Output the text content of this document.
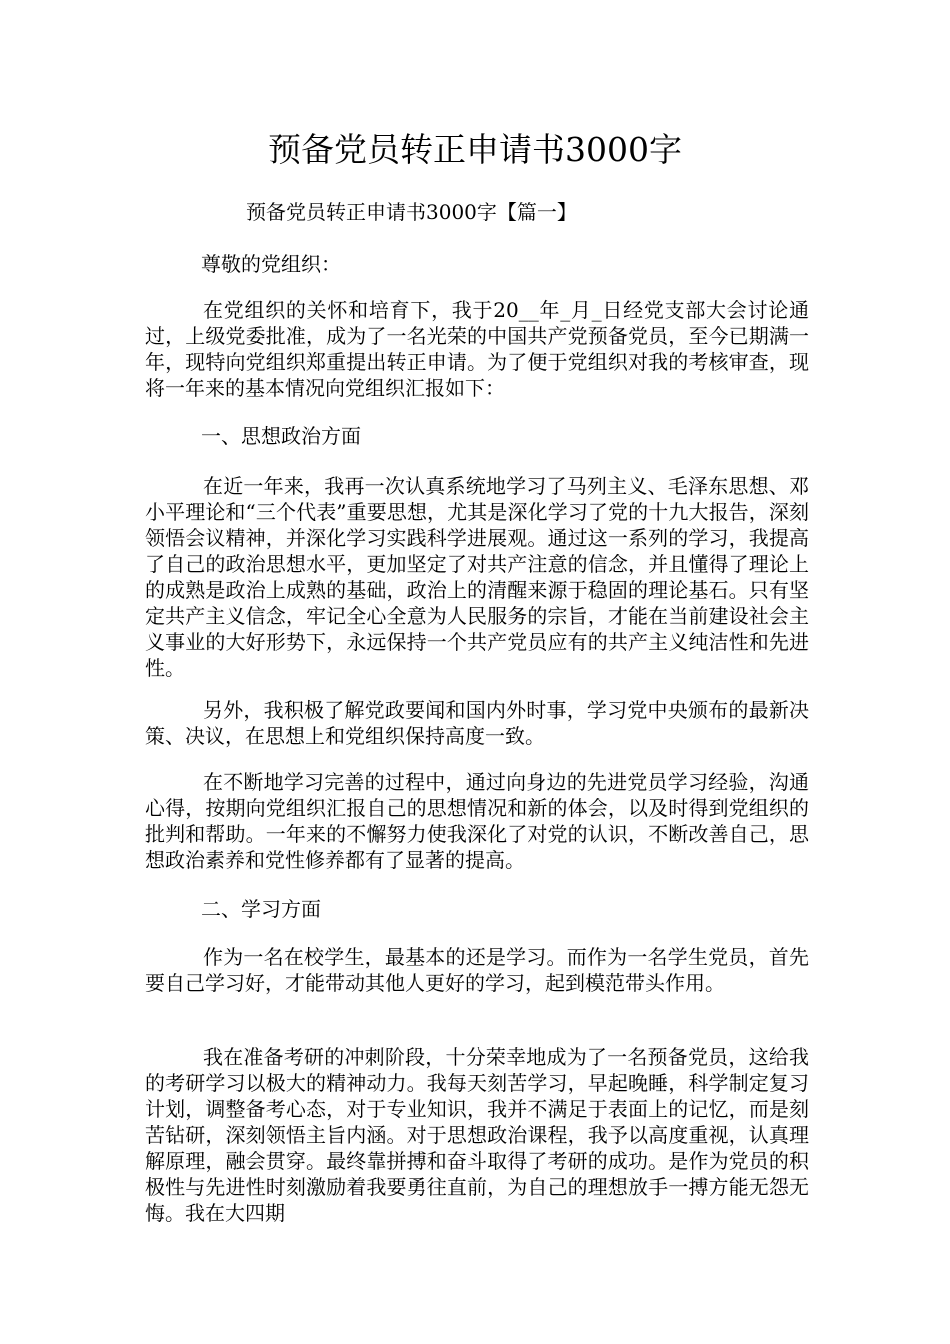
预备党员转正申请书3000字

预备党员转正申请书3000字【篇一】

尊敬的党组织：

在党组织的关怀和培育下，我于20__年_月_日经党支部大会讨论通过，上级党委批准，成为了一名光荣的中国共产党预备党员，至今已期满一年，现特向党组织郑重提出转正申请。为了便于党组织对我的考核审查，现将一年来的基本情况向党组织汇报如下：

一、思想政治方面

在近一年来，我再一次认真系统地学习了马列主义、毛泽东思想、邓小平理论和“三个代表”重要思想，尤其是深化学习了党的十九大报告，深刻领悟会议精神，并深化学习实践科学进展观。通过这一系列的学习，我提高了自己的政治思想水平，更加坚定了对共产注意的信念，并且懂得了理论上的成熟是政治上成熟的基础，政治上的清醒来源于稳固的理论基石。只有坚定共产主义信念，牢记全心全意为人民服务的宗旨，才能在当前建设社会主义事业的大好形势下，永远保持一个共产党员应有的共产主义纯洁性和先进性。

另外，我积极了解党政要闻和国内外时事，学习党中央颁布的最新决策、决议，在思想上和党组织保持高度一致。

在不断地学习完善的过程中，通过向身边的先进党员学习经验，沟通心得，按期向党组织汇报自己的思想情况和新的体会，以及时得到党组织的批判和帮助。一年来的不懈努力使我深化了对党的认识，不断改善自己，思想政治素养和党性修养都有了显著的提高。

二、学习方面

作为一名在校学生，最基本的还是学习。而作为一名学生党员，首先要自己学习好，才能带动其他人更好的学习，起到模范带头作用。

我在准备考研的冲刺阶段，十分荣幸地成为了一名预备党员，这给我的考研学习以极大的精神动力。我每天刻苦学习，早起晚睡，科学制定复习计划，调整备考心态，对于专业知识，我并不满足于表面上的记忆，而是刻苦钻研，深刻领悟主旨内涵。对于思想政治课程，我予以高度重视，认真理解原理，融会贯穿。最终靠拼搏和奋斗取得了考研的成功。是作为党员的积极性与先进性时刻激励着我要勇往直前，为自己的理想放手一搏方能无怨无悔。我在大四期
